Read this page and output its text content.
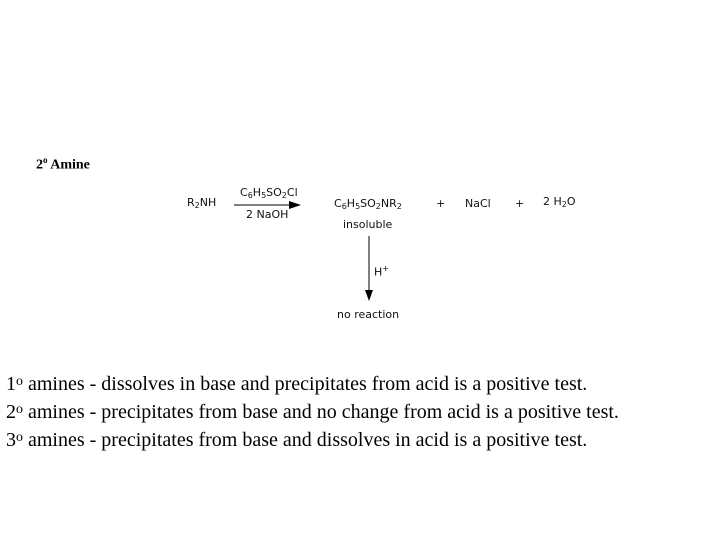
2$^o$ Amine
$R_2NH$
$C_6H_5SO_2Cl$
2 NaOH
$C_6H_5SO_2NR_2$	+ NaCl + 2 $H_2O$
insoluble
H+
no reaction
1$^o$ amines - dissolves in base and precipitates from acid is a positive test.
2$^o$ amines - precipitates from base and no change from acid is a positive test.
3$^o$ amines - precipitates from base and dissolves in acid is a positive test.
